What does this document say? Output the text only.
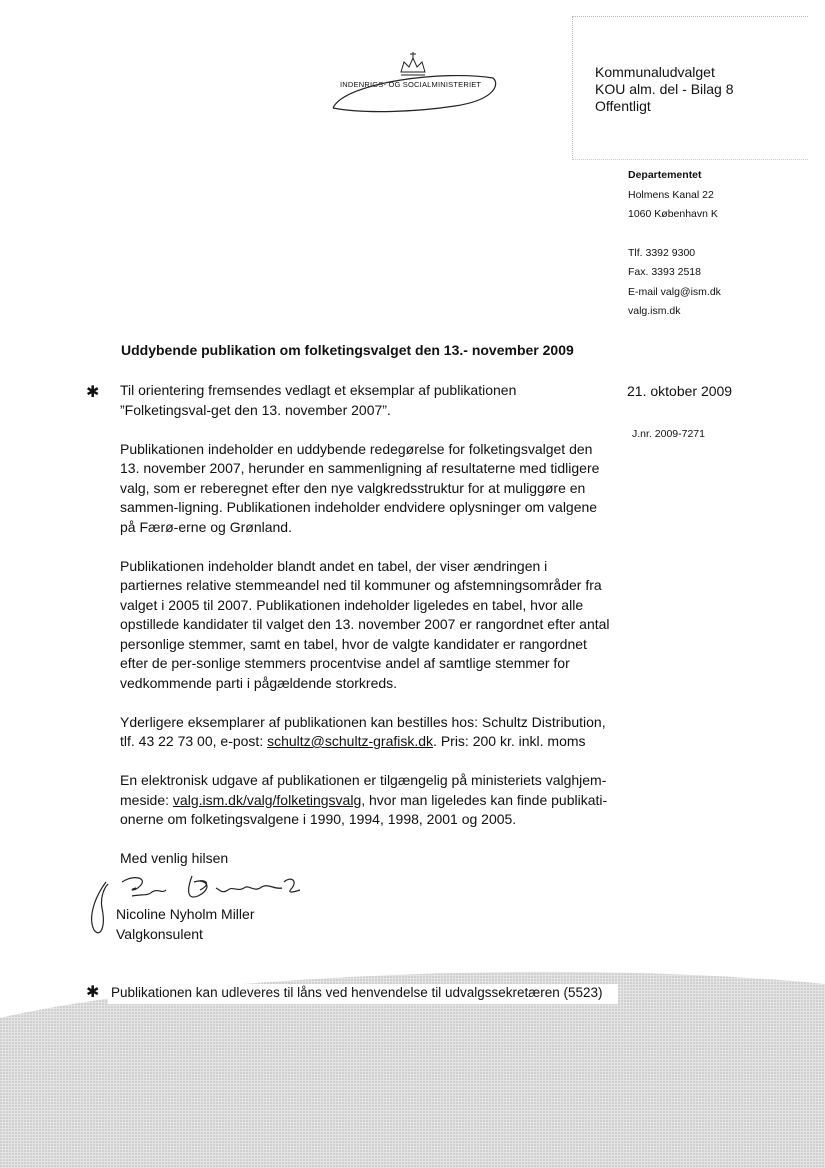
Kommunaludvalget
KOU alm. del - Bilag 8
Offentligt
INDENRIGS- OG SOCIALMINISTERIET
Departementet
Holmens Kanal 22
1060 København K
Tlf. 3392 9300
Fax. 3393 2518
E-mail valg@ism.dk
valg.ism.dk
Uddybende publikation om folketingsvalget den 13.- november 2009
21. oktober 2009
J.nr. 2009-7271
✱ Til orientering fremsendes vedlagt et eksemplar af publikationen ”Folketingsval-get den 13. november 2007”.

Publikationen indeholder en uddybende redegørelse for folketingsvalget den 13. november 2007, herunder en sammenligning af resultaterne med tidligere valg, som er reberegnet efter den nye valgkredsstruktur for at muliggøre en sammen-ligning. Publikationen indeholder endvidere oplysninger om valgene på Færø-erne og Grønland.

Publikationen indeholder blandt andet en tabel, der viser ændringen i partiernes relative stemmeandel ned til kommuner og afstemningsområder fra valget i 2005 til 2007. Publikationen indeholder ligeledes en tabel, hvor alle opstillede kandidater til valget den 13. november 2007 er rangordnet efter antal personlige stemmer, samt en tabel, hvor de valgte kandidater er rangordnet efter de per-sonlige stemmers procentvise andel af samtlige stemmer for vedkommende parti i pågældende storkreds.

Yderligere eksemplarer af publikationen kan bestilles hos: Schultz Distribution, tlf. 43 22 73 00, e-post: schultz@schultz-grafisk.dk. Pris: 200 kr. inkl. moms

En elektronisk udgave af publikationen er tilgængelig på ministeriets valghjem-meside: valg.ism.dk/valg/folketingsvalg, hvor man ligeledes kan finde publikati-onerne om folketingsvalgene i 1990, 1994, 1998, 2001 og 2005.

Med venlig hilsen

Nicoline Nyholm Miller
Valgkonsulent
✱ Publikationen kan udleveres til låns ved henvendelse til udvalgssekretæren (5523)
